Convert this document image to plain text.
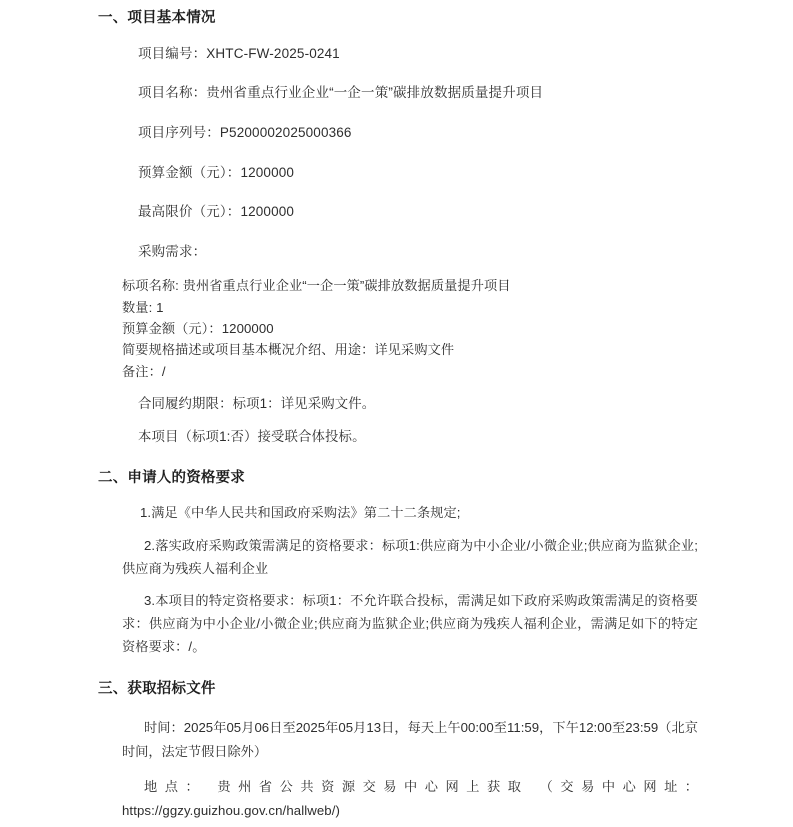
一、项目基本情况
项目编号：XHTC-FW-2025-0241
项目名称：贵州省重点行业企业“一企一策”碳排放数据质量提升项目
项目序列号：P5200002025000366
预算金额（元）：1200000
最高限价（元）：1200000
采购需求：
标项名称: 贵州省重点行业企业“一企一策”碳排放数据质量提升项目
数量: 1
预算金额（元）：1200000
简要规格描述或项目基本概况介绍、用途：详见采购文件
备注：/
合同履约期限：标项1：详见采购文件。
本项目（标项1:否）接受联合体投标。
二、申请人的资格要求
1.满足《中华人民共和国政府采购法》第二十二条规定;
2.落实政府采购政策需满足的资格要求：标项1:供应商为中小企业/小微企业;供应商为监狱企业;供应商为残疾人福利企业
3.本项目的特定资格要求：标项1：不允许联合投标，需满足如下政府采购政策需满足的资格要求：供应商为中小企业/小微企业;供应商为监狱企业;供应商为残疾人福利企业，需满足如下的特定资格要求：/。
三、获取招标文件
时间：2025年05月06日至2025年05月13日，每天上午00:00至11:59，下午12:00至23:59（北京时间，法定节假日除外）
地点： 贵州省公共资源交易中心网上获取 （交易中心网址：https://ggzy.guizhou.gov.cn/hallweb/)
